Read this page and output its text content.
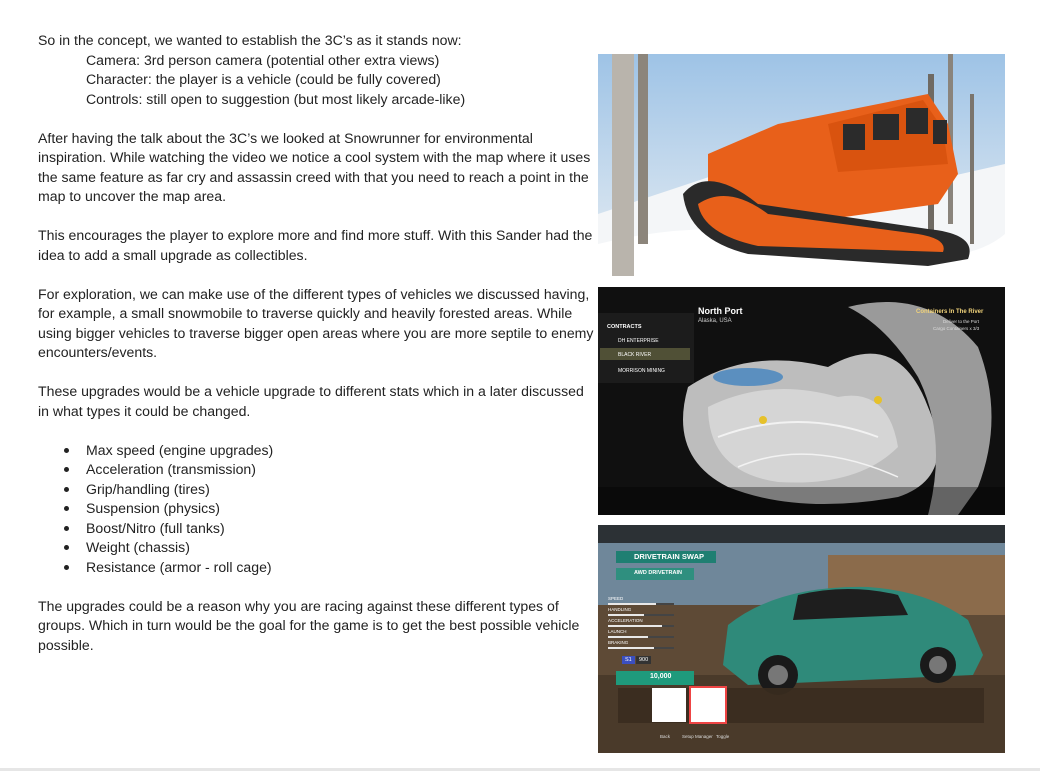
So in the concept, we wanted to establish the 3C’s as it stands now:

Camera: 3rd person camera (potential other extra views)

Character: the player is a vehicle (could be fully covered)

Controls: still open to suggestion (but most likely arcade-like)

After having the talk about the 3C’s we looked at Snowrunner for environmental inspiration. While watching the video we notice a cool system with the map where it uses the same feature as far cry and assassin creed with that you need to reach a point in the map to uncover the map area.

This encourages the player to explore more and find more stuff. With this Sander had the idea to add a small upgrade as collectibles.

For exploration, we can make use of the different types of vehicles we discussed having, for example, a small snowmobile to traverse quickly and heavily forested areas. While using bigger vehicles to traverse bigger open areas where you are more septile to enemy encounters/events.

These upgrades would be a vehicle upgrade to different stats which in a later discussed in what types it could be changed.

Max speed (engine upgrades)
Acceleration (transmission)
Grip/handling (tires)
Suspension (physics)
Boost/Nitro (full tanks)
Weight (chassis)
Resistance (armor - roll cage)

The upgrades could be a reason why you are racing against these different types of groups. Which in turn would be the goal for the game is to get the best possible vehicle possible.

North Port
Alaska, USA
CONTRACTS
DH ENTERPRISE
BLACK RIVER
MORRISON MINING
Containers In The River
Deliver to the Port
Cargo Containers x 3/3
DRIVETRAIN SWAP
AWD DRIVETRAIN
SPEED
HANDLING
ACCELERATION
LAUNCH
BRAKING
S1	900
10,000
Back	Setup Manager Toggle
